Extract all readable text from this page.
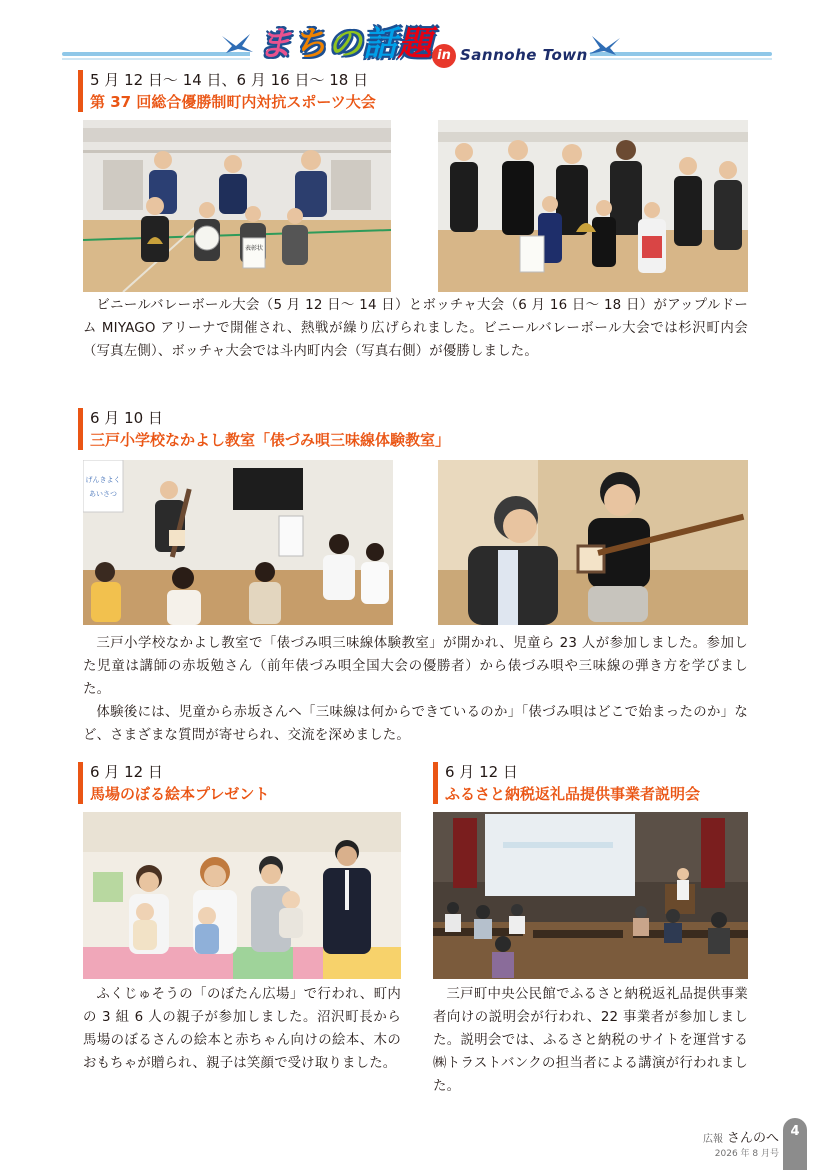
ま ち の 話 題 in Sannohe Town
5 月 12 日～ 14 日、6 月 16 日～ 18 日
第 37 回総合優勝制町内対抗スポーツ大会
表彰状

ビニールバレーボール大会（5 月 12 日～ 14 日）とボッチャ大会（6 月 16 日～ 18 日）がアップルドーム MIYAGO アリーナで開催され、熱戦が繰り広げられました。ビニールバレーボール大会では杉沢町内会（写真左側）、ボッチャ大会では斗内町内会（写真右側）が優勝しました。

6 月 10 日
三戸小学校なかよし教室「俵づみ唄三味線体験教室」
げんきよく
あいさつ

三戸小学校なかよし教室で「俵づみ唄三味線体験教室」が開かれ、児童ら 23 人が参加しました。参加した児童は講師の赤坂勉さん（前年俵づみ唄全国大会の優勝者）から俵づみ唄や三味線の弾き方を学びました。

体験後には、児童から赤坂さんへ「三味線は何からできているのか」「俵づみ唄はどこで始まったのか」など、さまざまな質問が寄せられ、交流を深めました。

6 月 12 日
馬場のぼる絵本プレゼント

ふくじゅそうの「のぼたん広場」で行われ、町内の 3 組 6 人の親子が参加しました。沼沢町長から馬場のぼるさんの絵本と赤ちゃん向けの絵本、木のおもちゃが贈られ、親子は笑顔で受け取りました。

6 月 12 日
ふるさと納税返礼品提供事業者説明会

三戸町中央公民館でふるさと納税返礼品提供事業者向けの説明会が行われ、22 事業者が参加しました。説明会では、ふるさと納税のサイトを運営する㈱トラストバンクの担当者による講演が行われました。

広報 さんのへ
2026 年 8 月号
4
